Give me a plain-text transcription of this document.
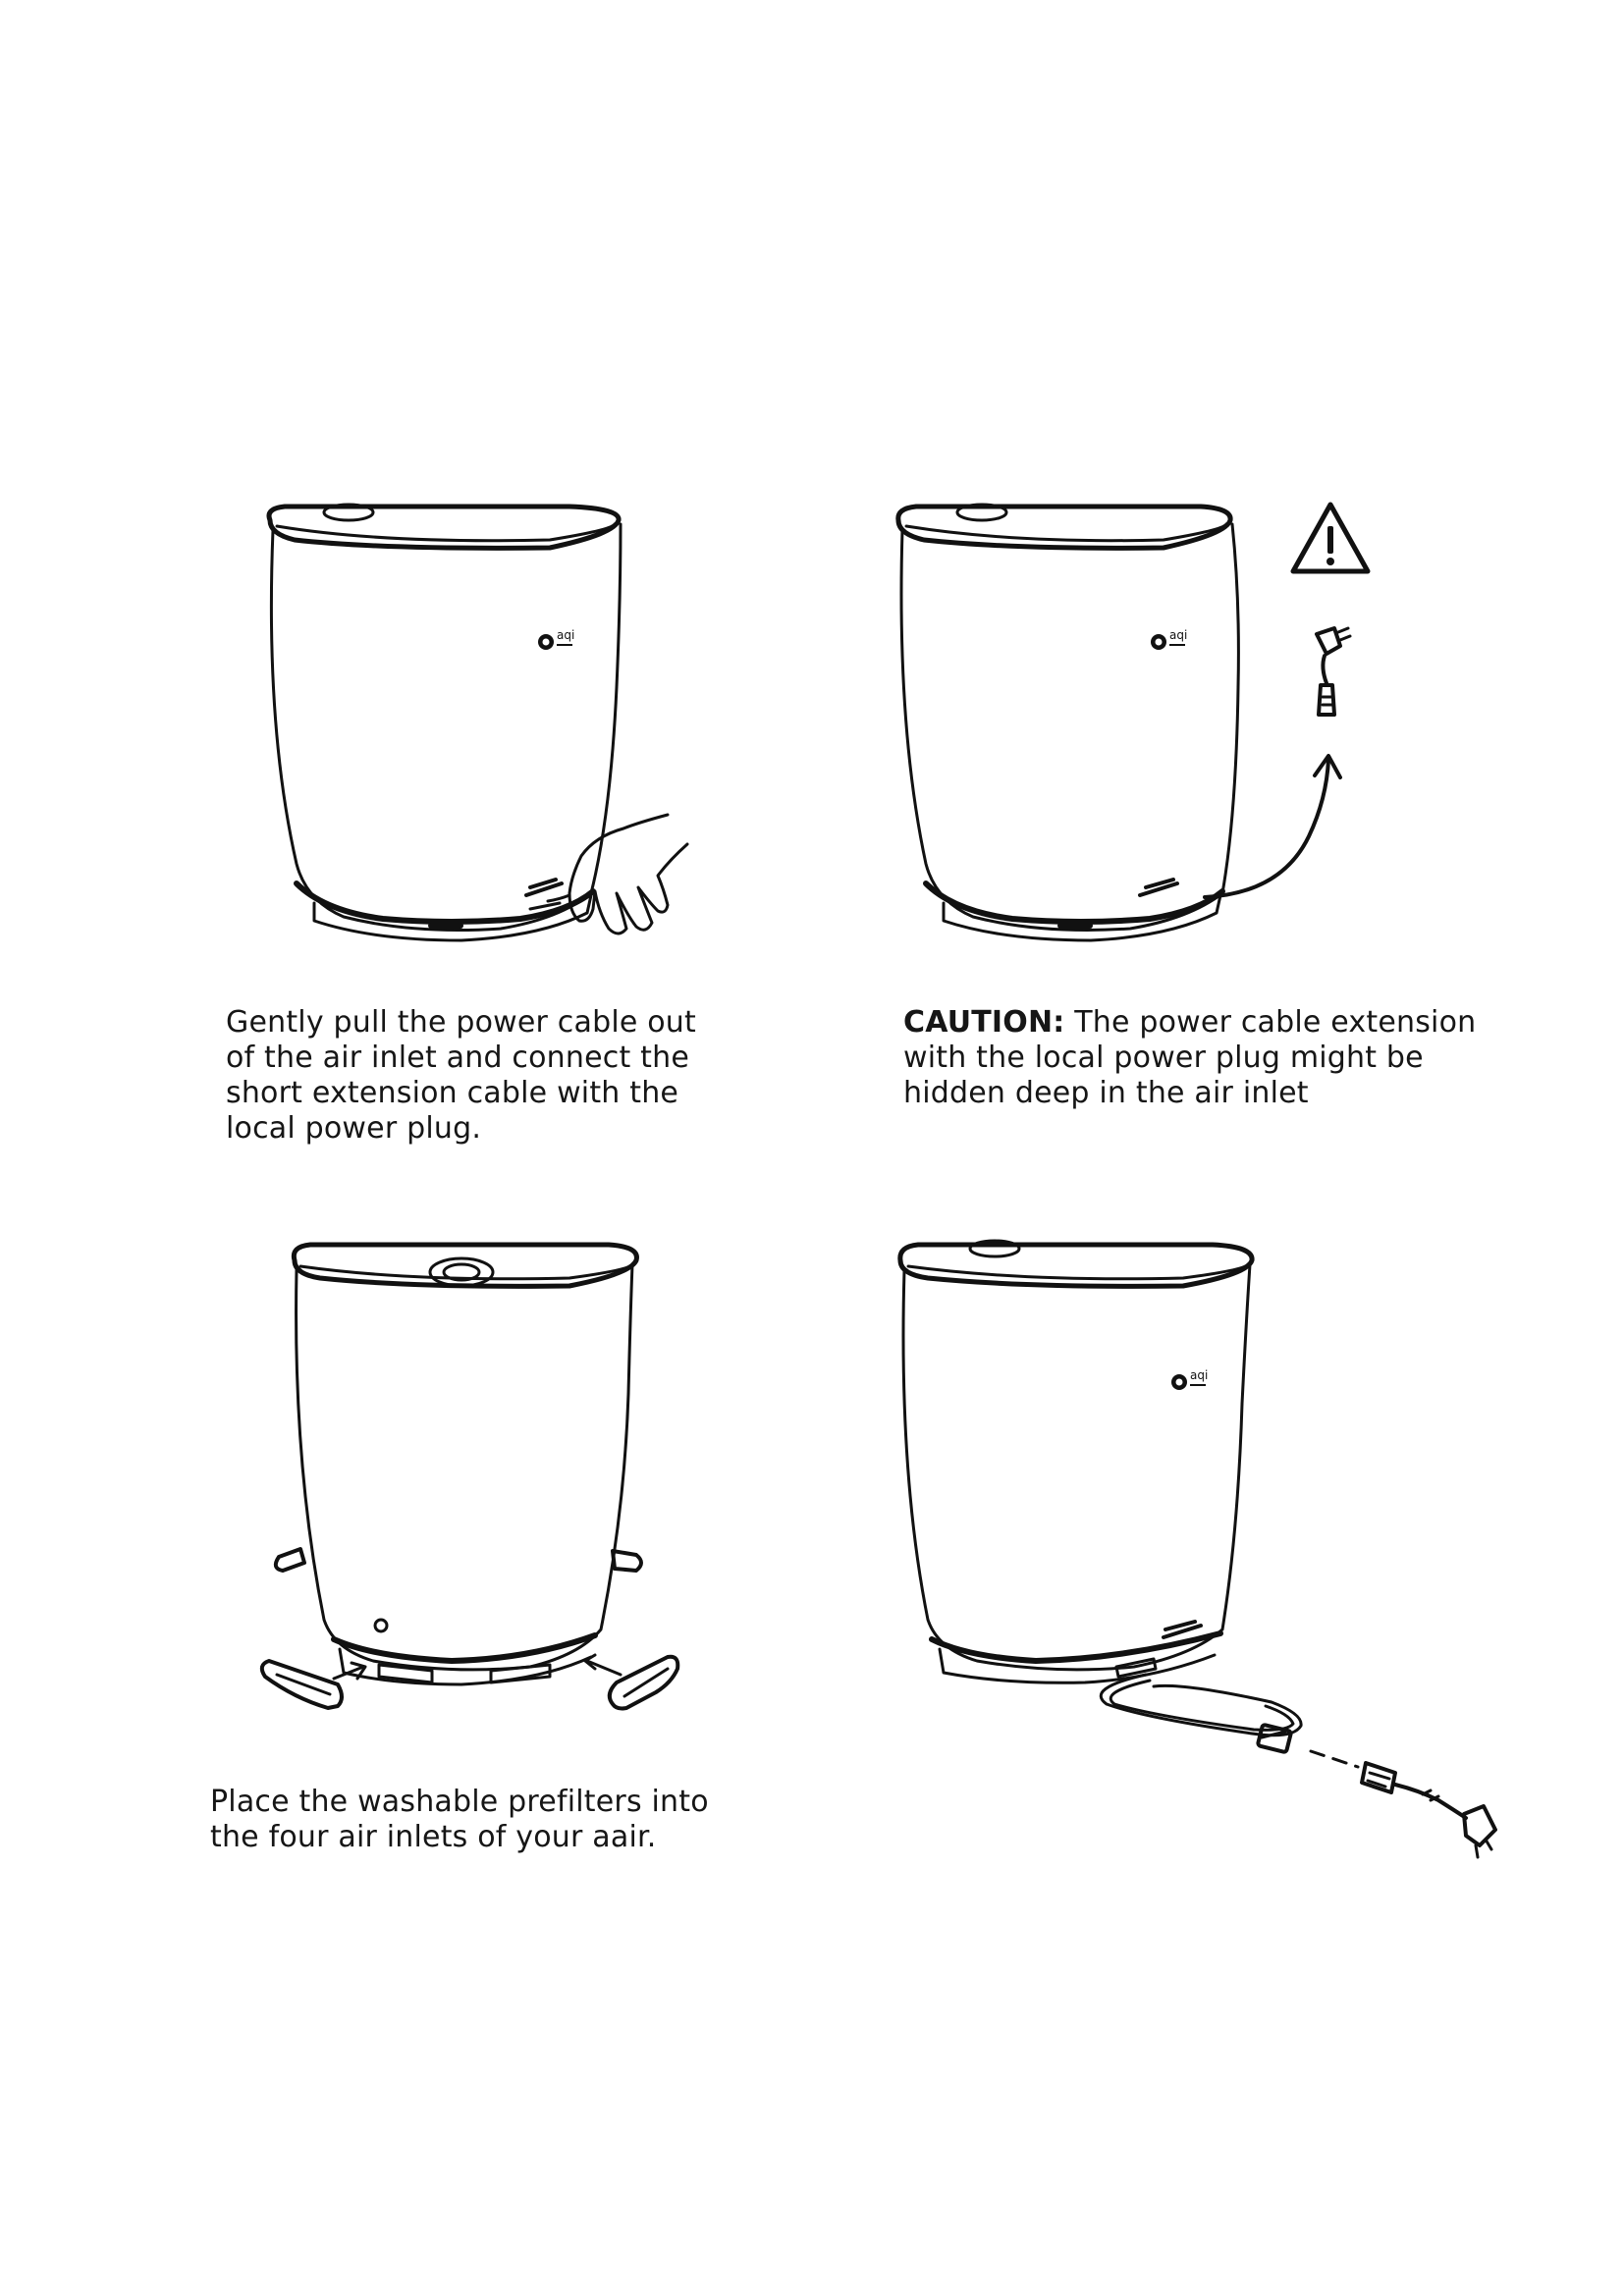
aqi	aqi
aqi
Gently pull the power cable out
of the air inlet and connect the
short extension cable with the
local power plug.
CAUTION: The power cable extension
with the local power plug might be
hidden deep in the air inlet
Place the washable prefilters into
the four air inlets of your aair.
